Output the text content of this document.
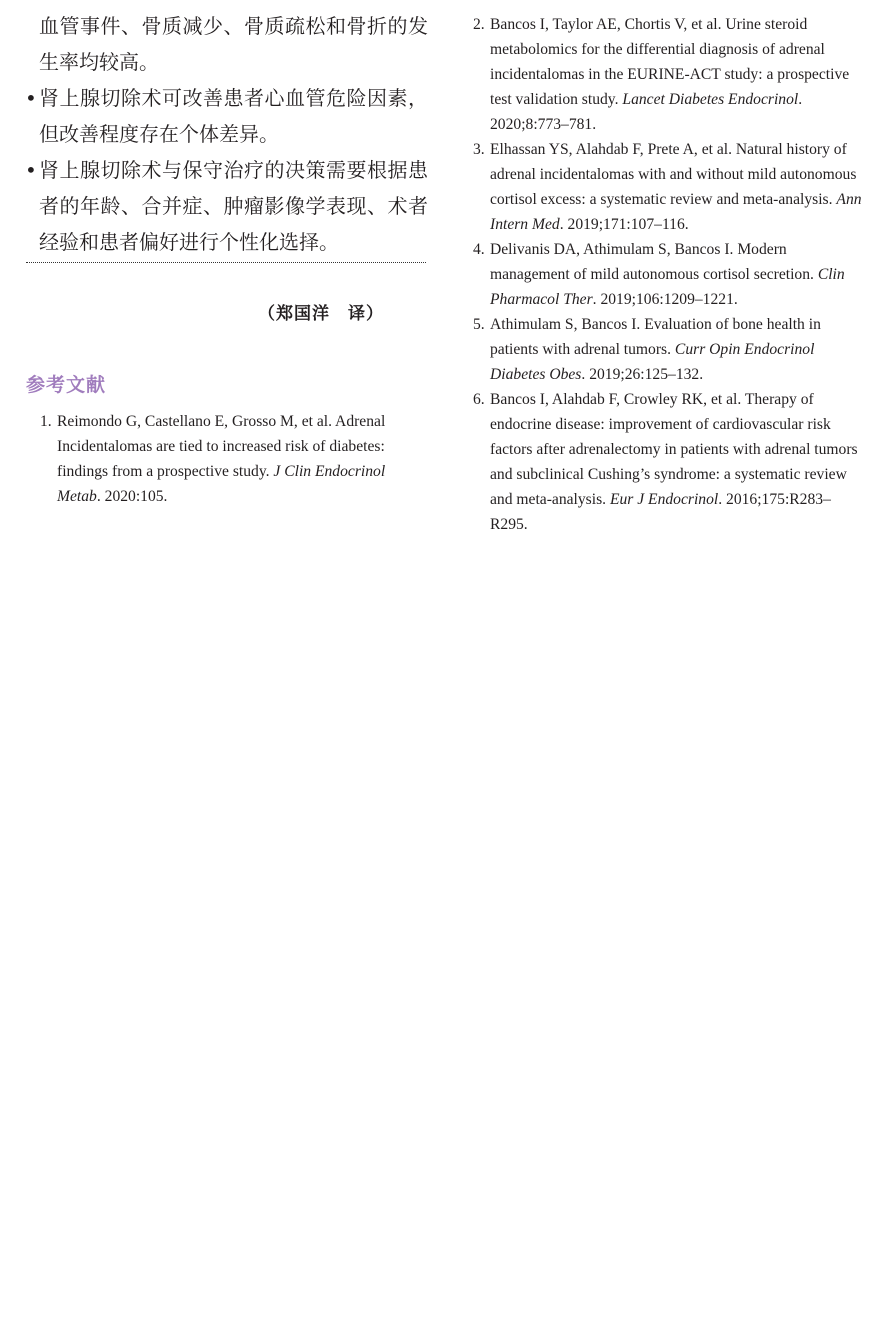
血管事件、骨质减少、骨质疏松和骨折的发生率均较高。

• 肾上腺切除术可改善患者心血管危险因素，但改善程度存在个体差异。

• 肾上腺切除术与保守治疗的决策需要根据患者的年龄、合并症、肿瘤影像学表现、术者经验和患者偏好进行个性化选择。

（郑国洋　译）
参考文献

1. Reimondo G, Castellano E, Grosso M, et al. Adrenal Incidentalomas are tied to increased risk of diabetes: findings from a prospective study. J Clin Endocrinol Metab. 2020:105.

2. Bancos I, Taylor AE, Chortis V, et al. Urine steroid metabolomics for the differential diagnosis of adrenal incidentalomas in the EURINE-ACT study: a prospective test validation study. Lancet Diabetes Endocrinol. 2020;8:773–781.

3. Elhassan YS, Alahdab F, Prete A, et al. Natural history of adrenal incidentalomas with and without mild autonomous cortisol excess: a systematic review and meta-analysis. Ann Intern Med. 2019;171:107–116.

4. Delivanis DA, Athimulam S, Bancos I. Modern management of mild autonomous cortisol secretion. Clin Pharmacol Ther. 2019;106:1209–1221.

5. Athimulam S, Bancos I. Evaluation of bone health in patients with adrenal tumors. Curr Opin Endocrinol Diabetes Obes. 2019;26:125–132.

6. Bancos I, Alahdab F, Crowley RK, et al. Therapy of endocrine disease: improvement of cardiovascular risk factors after adrenalectomy in patients with adrenal tumors and subclinical Cushing’s syndrome: a systematic review and meta-analysis. Eur J Endocrinol. 2016;175:R283–R295.
